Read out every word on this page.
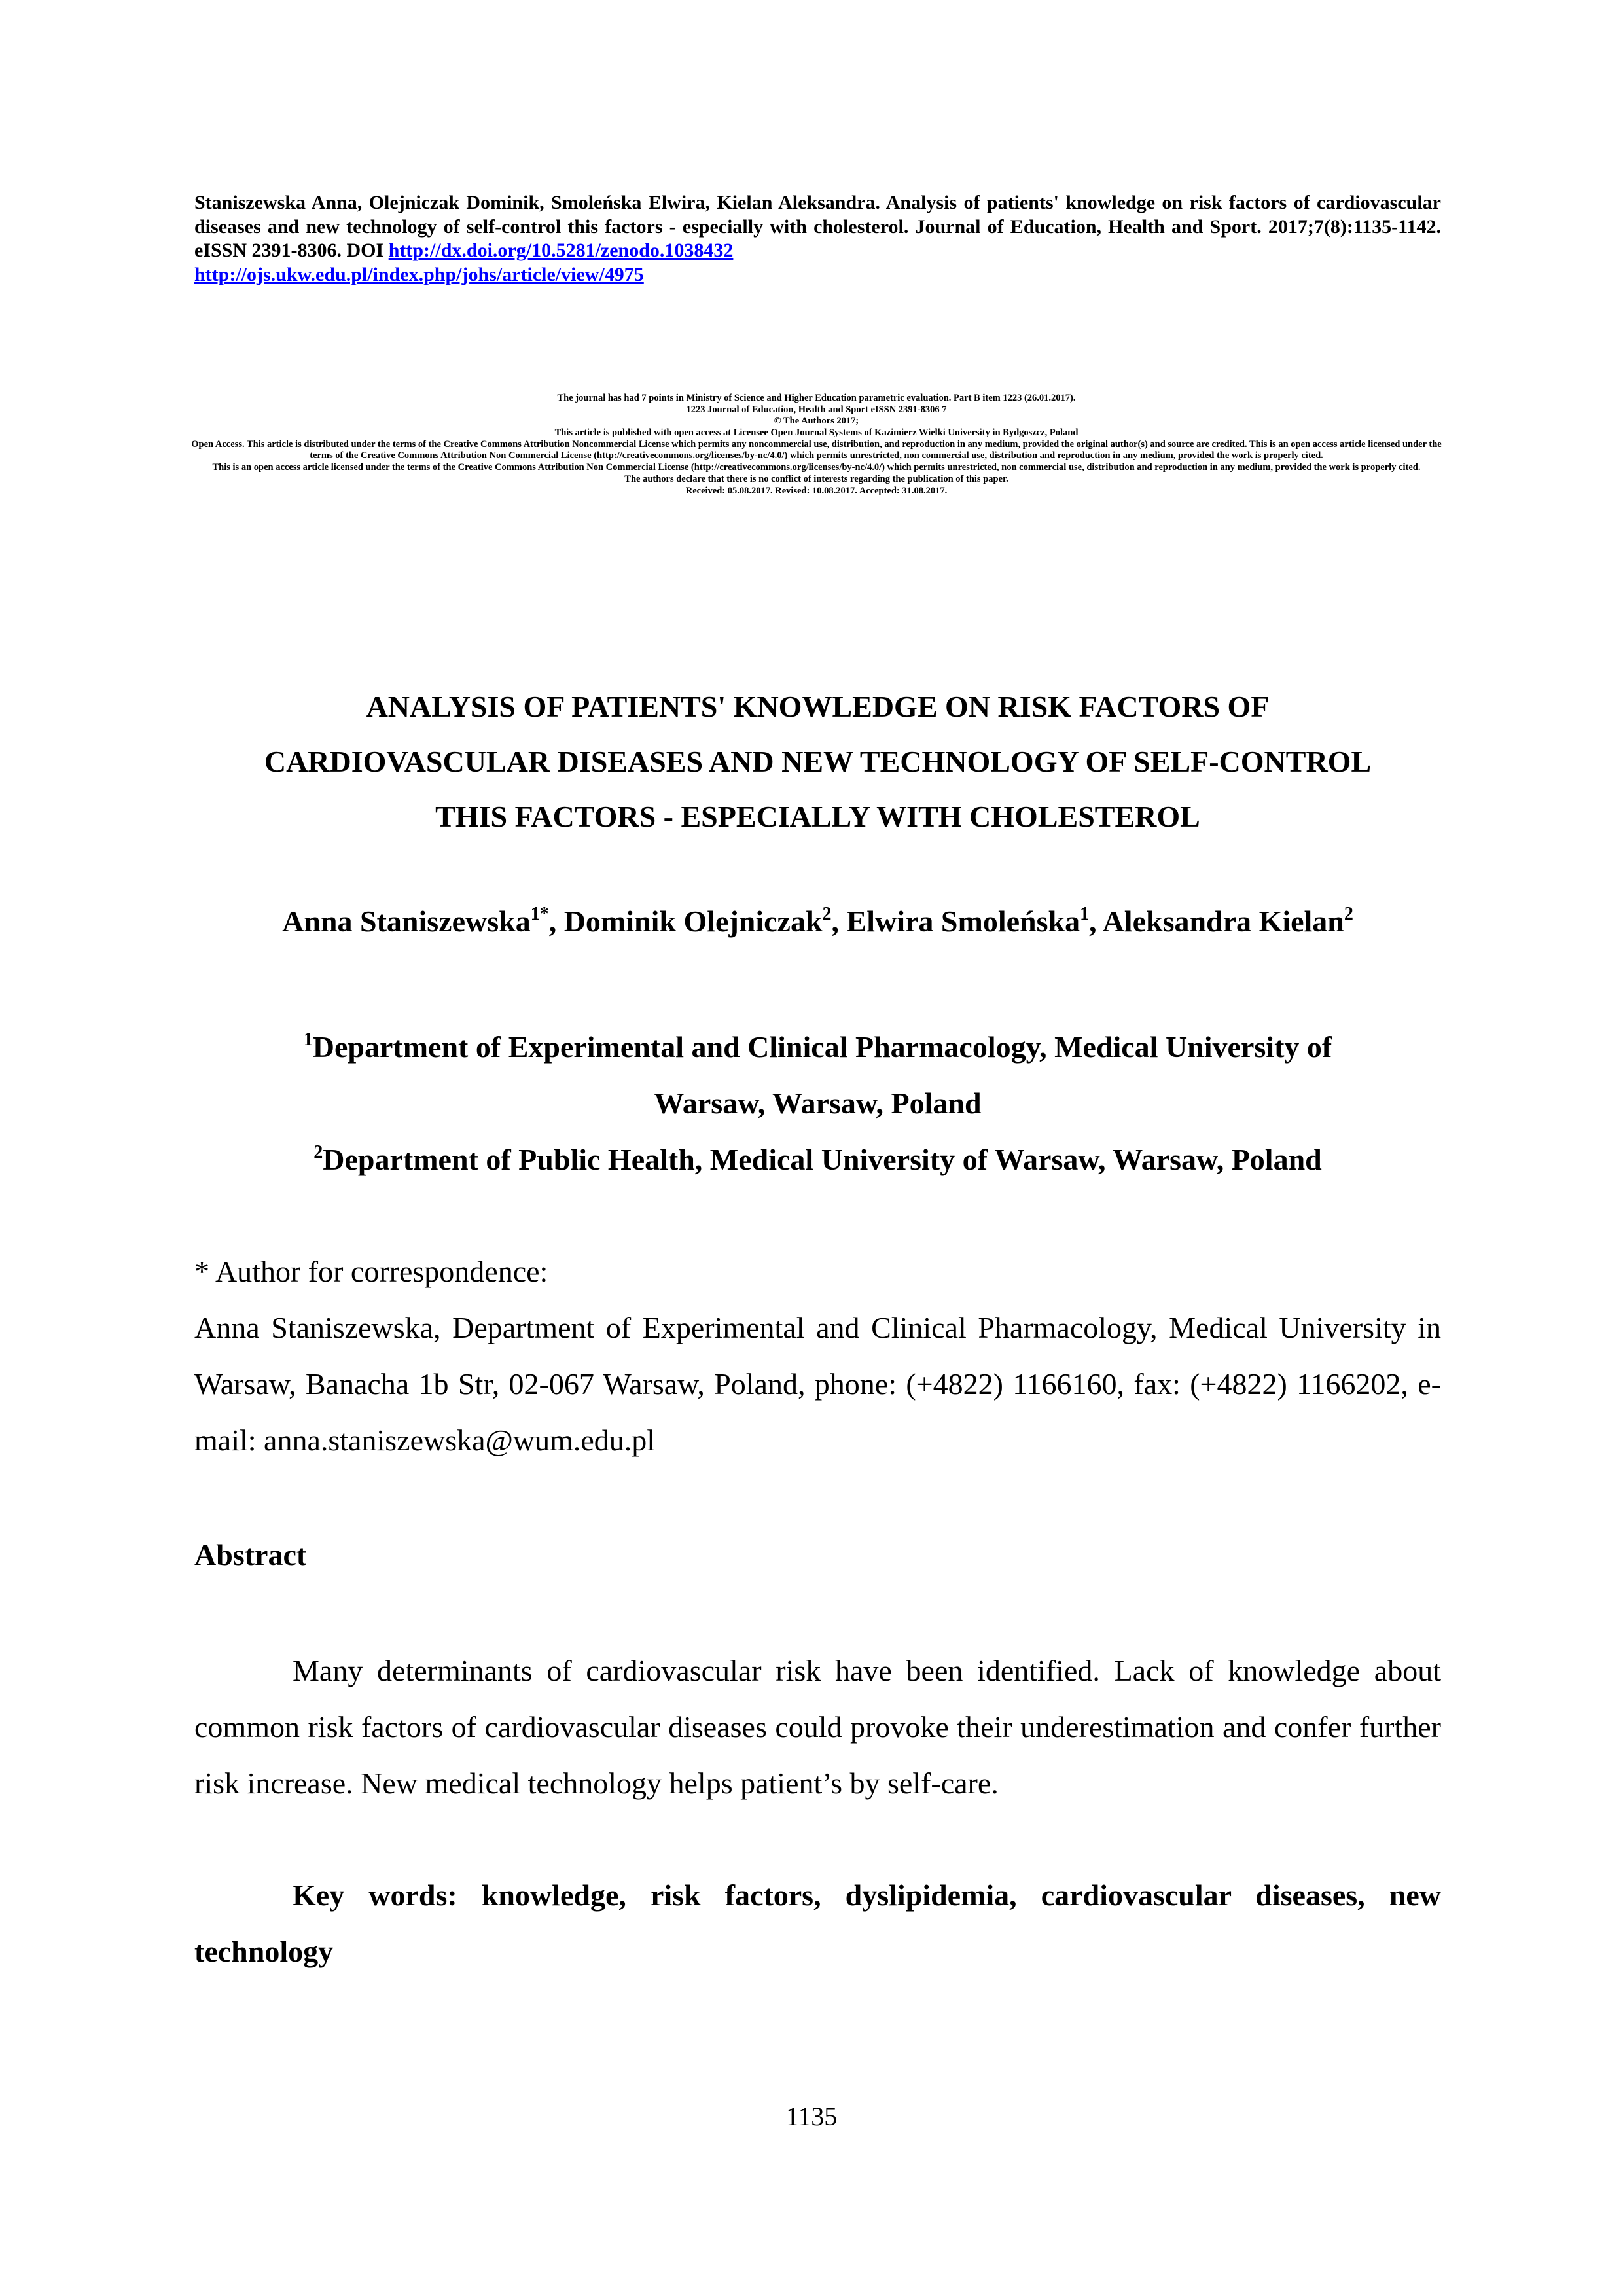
Staniszewska Anna, Olejniczak Dominik, Smoleńska Elwira, Kielan Aleksandra. Analysis of patients' knowledge on risk factors of cardiovascular diseases and new technology of self-control this factors - especially with cholesterol. Journal of Education, Health and Sport. 2017;7(8):1135-1142. eISSN 2391-8306. DOI http://dx.doi.org/10.5281/zenodo.1038432
http://ojs.ukw.edu.pl/index.php/johs/article/view/4975
The journal has had 7 points in Ministry of Science and Higher Education parametric evaluation. Part B item 1223 (26.01.2017).
1223 Journal of Education, Health and Sport eISSN 2391-8306 7
© The Authors 2017;
This article is published with open access at Licensee Open Journal Systems of Kazimierz Wielki University in Bydgoszcz, Poland
Open Access. This article is distributed under the terms of the Creative Commons Attribution Noncommercial License which permits any noncommercial use, distribution, and reproduction in any medium, provided the original author(s) and source are credited. This is an open access article licensed under the terms of the Creative Commons Attribution Non Commercial License (http://creativecommons.org/licenses/by-nc/4.0/) which permits unrestricted, non commercial use, distribution and reproduction in any medium, provided the work is properly cited.
This is an open access article licensed under the terms of the Creative Commons Attribution Non Commercial License (http://creativecommons.org/licenses/by-nc/4.0/) which permits unrestricted, non commercial use, distribution and reproduction in any medium, provided the work is properly cited.
The authors declare that there is no conflict of interests regarding the publication of this paper.
Received: 05.08.2017. Revised: 10.08.2017. Accepted: 31.08.2017.
ANALYSIS OF PATIENTS' KNOWLEDGE ON RISK FACTORS OF
CARDIOVASCULAR DISEASES AND NEW TECHNOLOGY OF SELF-CONTROL
THIS FACTORS - ESPECIALLY WITH CHOLESTEROL
Anna Staniszewska$^{1*}$, Dominik Olejniczak$^2$, Elwira Smoleńska$^1$, Aleksandra Kielan$^2$
$^1$Department of Experimental and Clinical Pharmacology, Medical University of
Warsaw, Warsaw, Poland
$^2$Department of Public Health, Medical University of Warsaw, Warsaw, Poland
* Author for correspondence:
Anna Staniszewska, Department of Experimental and Clinical Pharmacology, Medical University in Warsaw, Banacha 1b Str, 02-067 Warsaw, Poland, phone: (+4822) 1166160, fax: (+4822) 1166202, e-mail: anna.staniszewska@wum.edu.pl
Abstract
Many determinants of cardiovascular risk have been identified. Lack of knowledge about common risk factors of cardiovascular diseases could provoke their underestimation and confer further risk increase. New medical technology helps patient’s by self-care.
Key words: knowledge, risk factors, dyslipidemia, cardiovascular diseases, new technology
1135
